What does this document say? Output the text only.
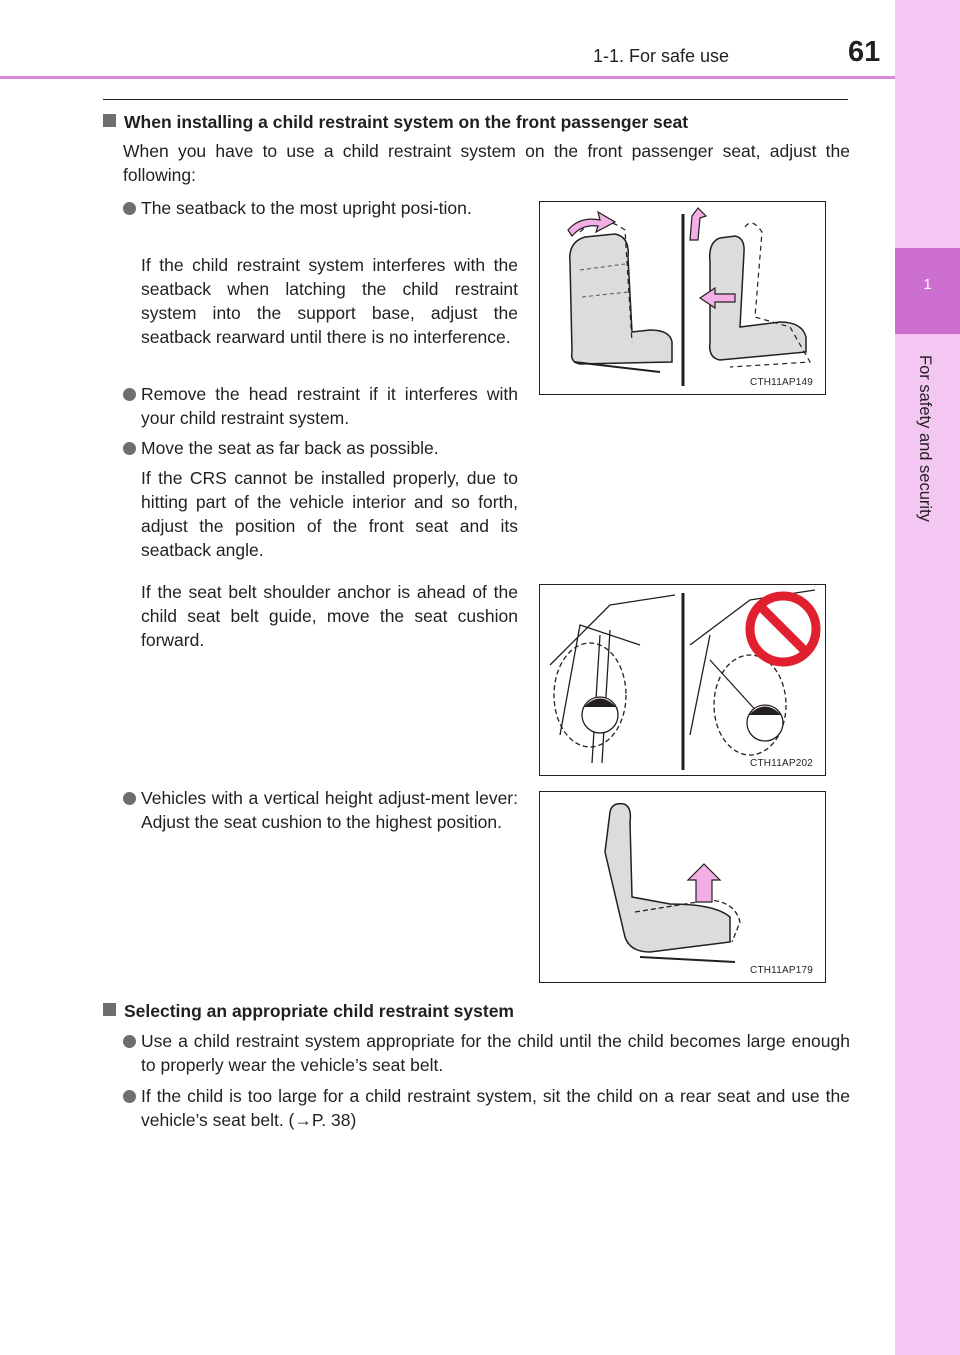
1
For safety and security
1-1. For safe use	61
When installing a child restraint system on the front passenger seat
When you have to use a child restraint system on the front passenger seat, adjust the following:
The seatback to the most upright posi-tion.
If the child restraint system interferes with the seatback when latching the child restraint system into the support base, adjust the seatback rearward until there is no interference.
Remove the head restraint if it interferes with your child restraint system.
Move the seat as far back as possible.
If the CRS cannot be installed properly, due to hitting part of the vehicle interior and so forth, adjust the position of the front seat and its seatback angle.
If the seat belt shoulder anchor is ahead of the child seat belt guide, move the seat cushion forward.
Vehicles with a vertical height adjust-ment lever: Adjust the seat cushion to the highest position.
CTH11AP149
CTH11AP202
CTH11AP179
Selecting an appropriate child restraint system
Use a child restraint system appropriate for the child until the child becomes large enough to properly wear the vehicle’s seat belt.
If the child is too large for a child restraint system, sit the child on a rear seat and use the vehicle’s seat belt. (→P. 38)
